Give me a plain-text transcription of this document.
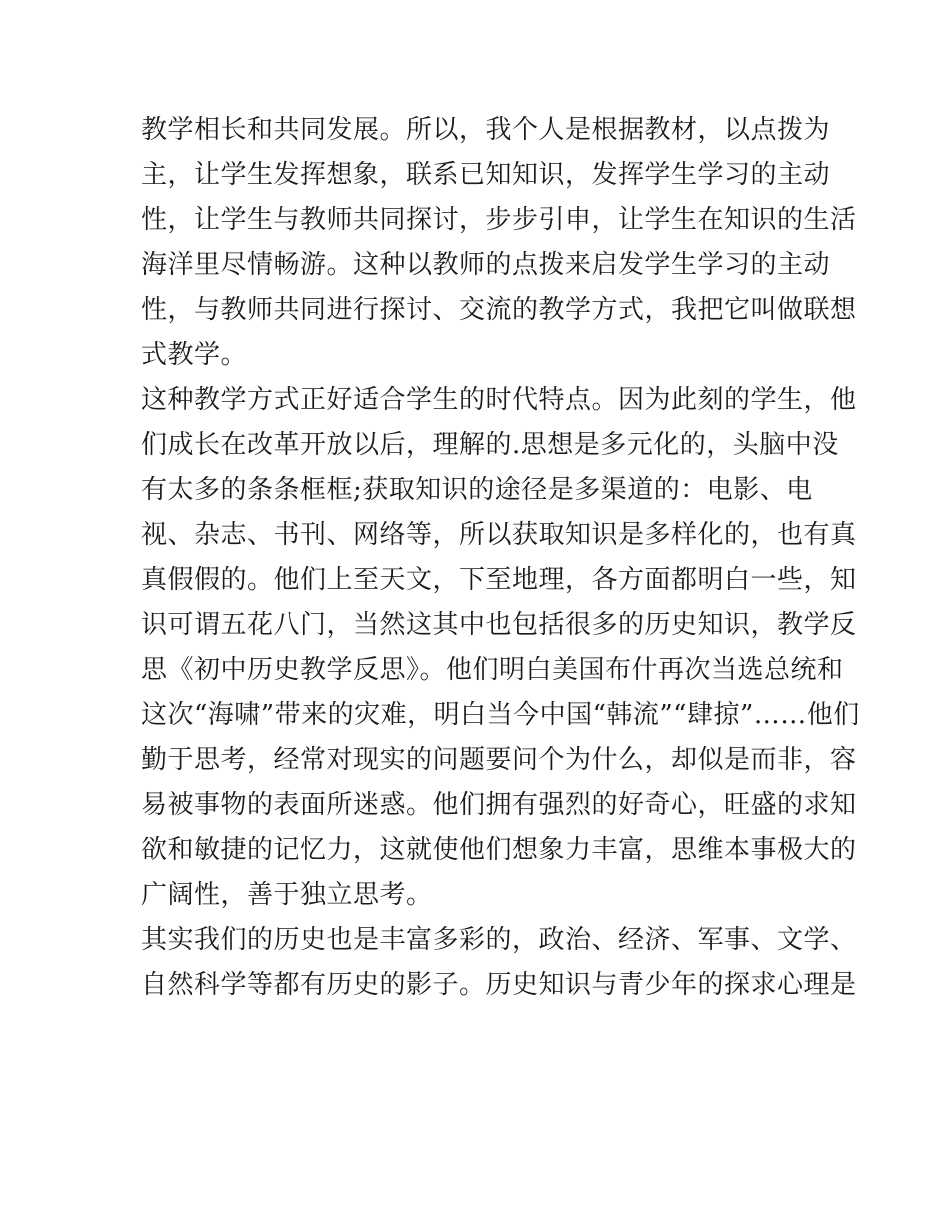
教学相长和共同发展。所以，我个人是根据教材，以点拨为
主，让学生发挥想象，联系已知知识，发挥学生学习的主动
性，让学生与教师共同探讨，步步引申，让学生在知识的生活
海洋里尽情畅游。这种以教师的点拨来启发学生学习的主动
性，与教师共同进行探讨、交流的教学方式，我把它叫做联想
式教学。
这种教学方式正好适合学生的时代特点。因为此刻的学生，他
们成长在改革开放以后，理解的.思想是多元化的，头脑中没
有太多的条条框框;获取知识的途径是多渠道的：电影、电
视、杂志、书刊、网络等，所以获取知识是多样化的，也有真
真假假的。他们上至天文，下至地理，各方面都明白一些，知
识可谓五花八门，当然这其中也包括很多的历史知识，教学反
思《初中历史教学反思》。他们明白美国布什再次当选总统和
这次“海啸”带来的灾难，明白当今中国“韩流”“肆掠”……他们
勤于思考，经常对现实的问题要问个为什么，却似是而非，容
易被事物的表面所迷惑。他们拥有强烈的好奇心，旺盛的求知
欲和敏捷的记忆力，这就使他们想象力丰富，思维本事极大的
广阔性，善于独立思考。
其实我们的历史也是丰富多彩的，政治、经济、军事、文学、
自然科学等都有历史的影子。历史知识与青少年的探求心理是
